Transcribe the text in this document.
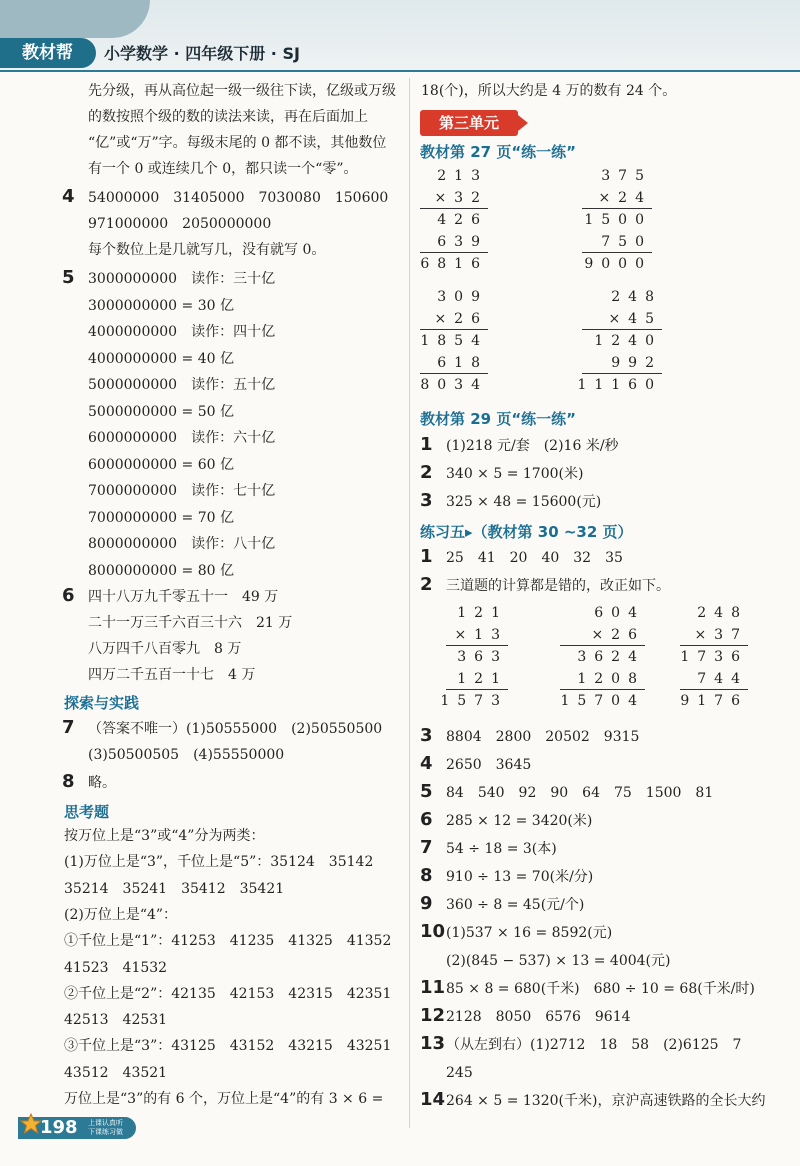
教材帮	小学数学 · 四年级下册 · SJ
先分级，再从高位起一级一级往下读，亿级或万级
的数按照个级的数的读法来读，再在后面加上
“亿”或“万”字。每级末尾的 0 都不读，其他数位
有一个 0 或连续几个 0，都只读一个“零”。
4 54000000　31405000　7030080　150600
971000000　2050000000
每个数位上是几就写几，没有就写 0。
5 3000000000　读作：三十亿
3000000000 = 30 亿
4000000000　读作：四十亿
4000000000 = 40 亿
5000000000　读作：五十亿
5000000000 = 50 亿
6000000000　读作：六十亿
6000000000 = 60 亿
7000000000　读作：七十亿
7000000000 = 70 亿
8000000000　读作：八十亿
8000000000 = 80 亿
6 四十八万九千零五十一　49 万
二十一万三千六百三十六　21 万
八万四千八百零九　8 万
四万二千五百一十七　4 万
探索与实践
7 （答案不唯一）(1)50555000　(2)50550500
(3)50500505　(4)55550000
8 略。
思考题
按万位上是“3”或“4”分为两类：
(1)万位上是“3”，千位上是“5”：35124　35142
35214　35241　35412　35421
(2)万位上是“4”：
①千位上是“1”：41253　41235　41325　41352
41523　41532
②千位上是“2”：42135　42153　42315　42351
42513　42531
③千位上是“3”：43125　43152　43215　43251
43512　43521
万位上是“3”的有 6 个，万位上是“4”的有 3 × 6 =
18(个)，所以大约是 4 万的数有 24 个。
第三单元
教材第 27 页“练一练”
213
×32
426
639
6816
375
×24
1500
750
9000
309
×26
1854
618
8034
248
×45
1240
992
11160
121
×13
363
121
1573
604
×26
3624
1208
15704
248
×37
1736
744
9176
教材第 29 页“练一练”
1 (1)218 元/套　(2)16 米/秒
2 340 × 5 = 1700(米)
3 325 × 48 = 15600(元)
练习五▸（教材第 30 ~32 页）
1 25　41　20　40　32　35
2 三道题的计算都是错的，改正如下。
3 8804　2800　20502　9315
4 2650　3645
5 84　540　92　90　64　75　1500　81
6 285 × 12 = 3420(米)
7 54 ÷ 18 = 3(本)
8 910 ÷ 13 = 70(米/分)
9 360 ÷ 8 = 45(元/个)
10 (1)537 × 16 = 8592(元)
(2)(845 − 537) × 13 = 4004(元)
11 85 × 8 = 680(千米)　680 ÷ 10 = 68(千米/时)
12 2128　8050　6576　9614
13 （从左到右）(1)2712　18　58　(2)6125　7
245
14 264 × 5 = 1320(千米)，京沪高速铁路的全长大约
198 上课认真听
下课练习做
